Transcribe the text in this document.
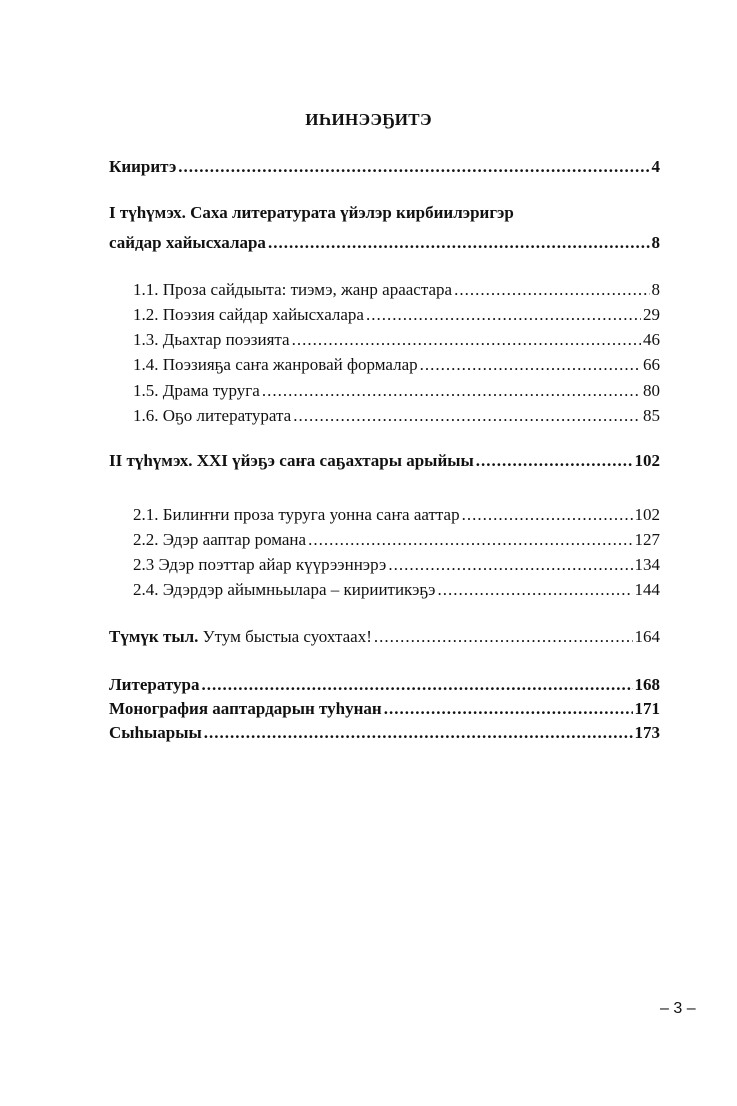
ИҺИНЭЭҔИТЭ
Кииритэ .....	4
I түһүмэх. Саха литературата үйэлэр кирбиилэригэр
сайдар хайысхалара .....	8
1.1. Проза сайдыыта: тиэмэ, жанр араастара .....	8
1.2. Поэзия сайдар хайысхалара .....	29
1.3. Дьахтар поэзията .....	46
1.4. Поэзияҕа саҥа жанровай формалар .....	66
1.5. Драма туруга .....	80
1.6. Оҕо литературата .....	85
II түһүмэх. XXI үйэҕэ саҥа саҕахтары арыйыы .....	102
2.1. Билиҥҥи проза туруга уонна саҥа ааттар .....	102
2.2. Эдэр ааптар романа .....	127
2.3 Эдэр поэттар айар күүрээннэрэ .....	134
2.4. Эдэрдэр айымньылара – кириитикэҕэ .....	144
Түмүк тыл. Утум быстыа суохтаах! .....	164
Литература .....	168
Монография ааптардарын туһунан .....	171
Сыһыарыы .....	173
– 3 –
